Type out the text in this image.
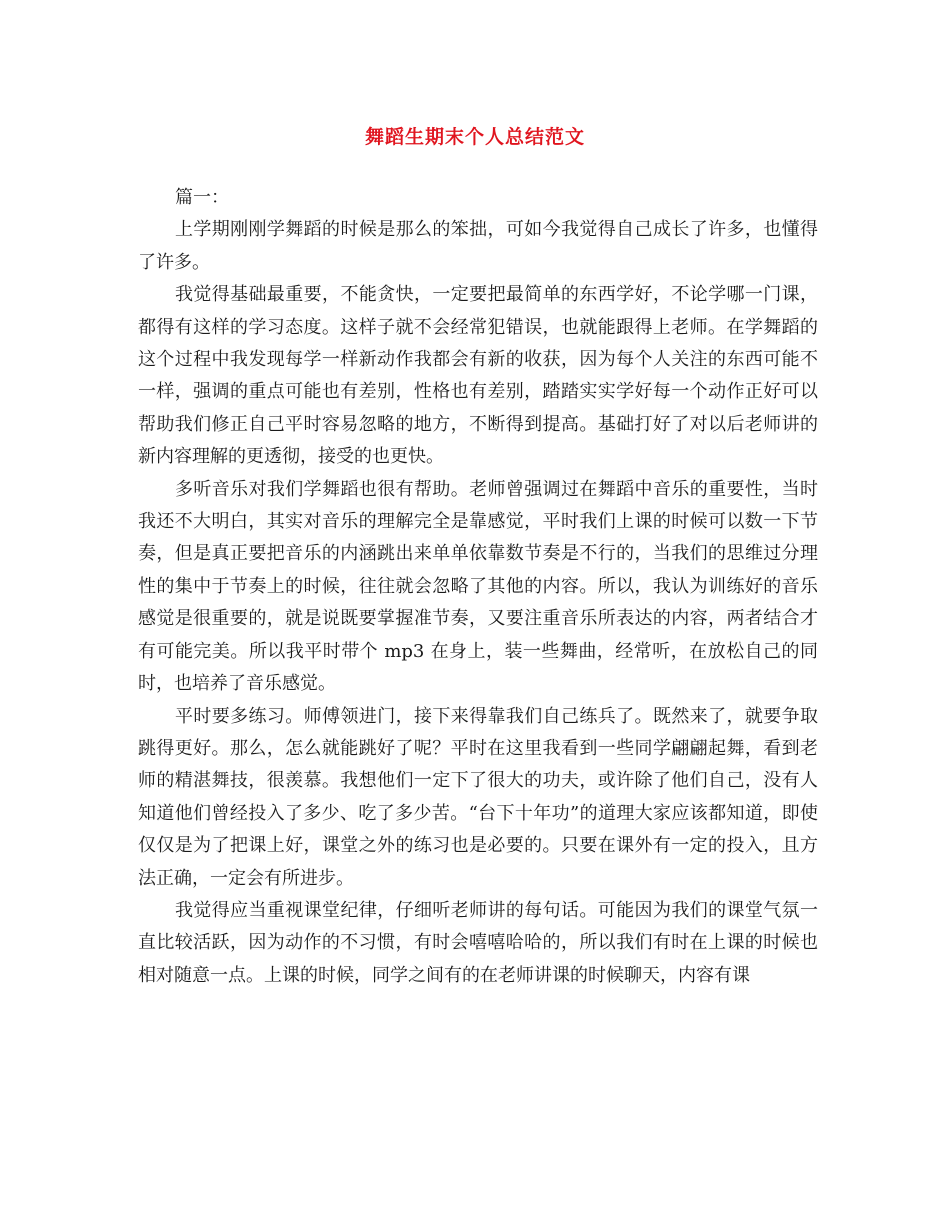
舞蹈生期末个人总结范文

篇一：

上学期刚刚学舞蹈的时候是那么的笨拙，可如今我觉得自己成长了许多，也懂得了许多。

我觉得基础最重要，不能贪快，一定要把最简单的东西学好，不论学哪一门课，都得有这样的学习态度。这样子就不会经常犯错误，也就能跟得上老师。在学舞蹈的这个过程中我发现每学一样新动作我都会有新的收获，因为每个人关注的东西可能不一样，强调的重点可能也有差别，性格也有差别，踏踏实实学好每一个动作正好可以帮助我们修正自己平时容易忽略的地方，不断得到提高。基础打好了对以后老师讲的新内容理解的更透彻，接受的也更快。

多听音乐对我们学舞蹈也很有帮助。老师曾强调过在舞蹈中音乐的重要性，当时我还不大明白，其实对音乐的理解完全是靠感觉，平时我们上课的时候可以数一下节奏，但是真正要把音乐的内涵跳出来单单依靠数节奏是不行的，当我们的思维过分理性的集中于节奏上的时候，往往就会忽略了其他的内容。所以，我认为训练好的音乐感觉是很重要的，就是说既要掌握准节奏，又要注重音乐所表达的内容，两者结合才有可能完美。所以我平时带个 mp3 在身上，装一些舞曲，经常听，在放松自己的同时，也培养了音乐感觉。

平时要多练习。师傅领进门，接下来得靠我们自己练兵了。既然来了，就要争取跳得更好。那么，怎么就能跳好了呢？平时在这里我看到一些同学翩翩起舞，看到老师的精湛舞技，很羡慕。我想他们一定下了很大的功夫，或许除了他们自己，没有人知道他们曾经投入了多少、吃了多少苦。“台下十年功”的道理大家应该都知道，即使仅仅是为了把课上好，课堂之外的练习也是必要的。只要在课外有一定的投入，且方法正确，一定会有所进步。

我觉得应当重视课堂纪律，仔细听老师讲的每句话。可能因为我们的课堂气氛一直比较活跃，因为动作的不习惯，有时会嘻嘻哈哈的，所以我们有时在上课的时候也相对随意一点。上课的时候，同学之间有的在老师讲课的时候聊天，内容有课
